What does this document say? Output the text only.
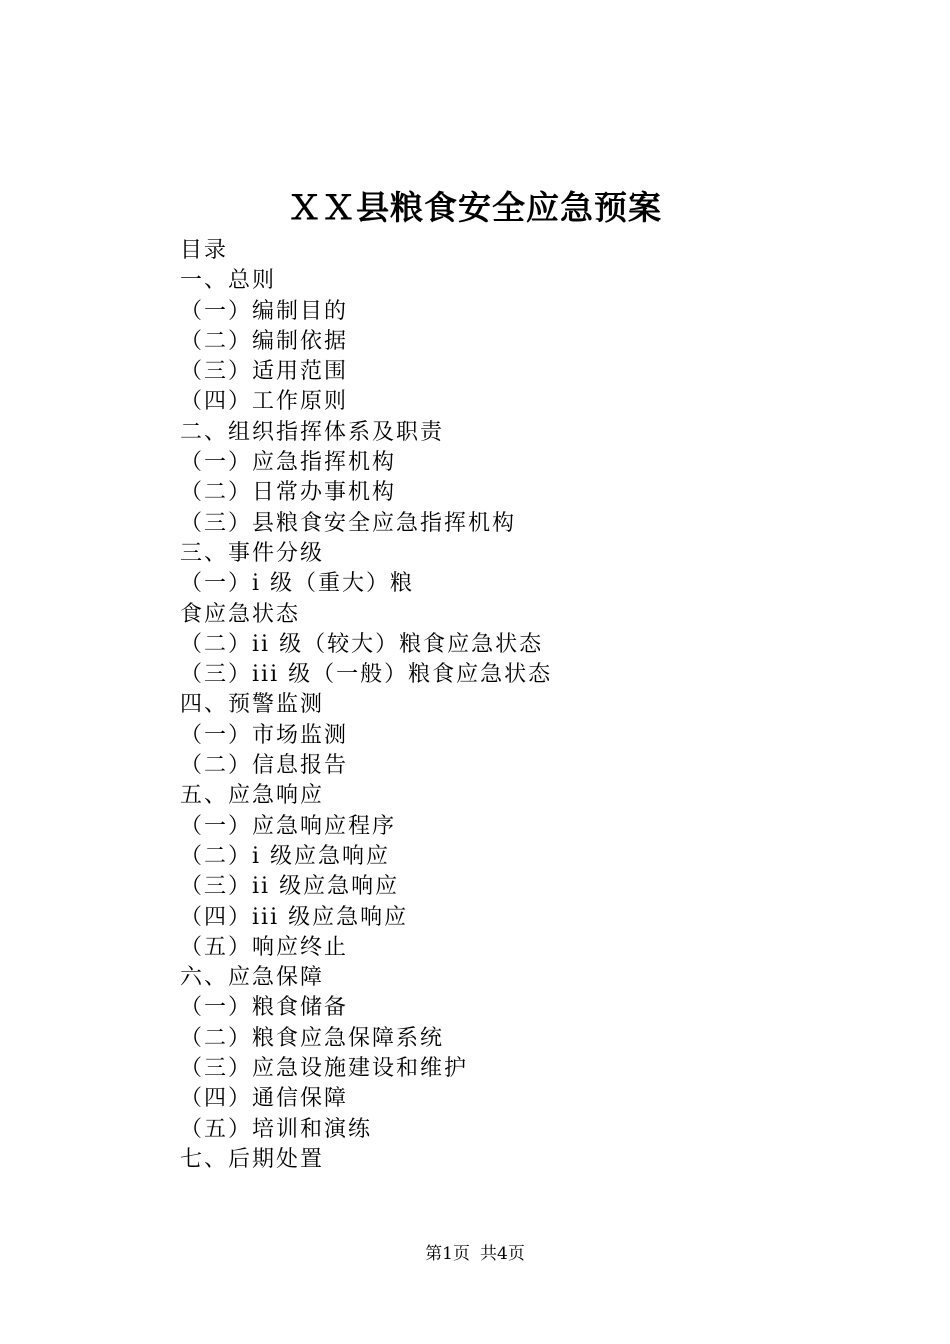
ＸＸ县粮食安全应急预案
目录
一、总则
（一）编制目的
（二）编制依据
（三）适用范围
（四）工作原则
二、组织指挥体系及职责
（一）应急指挥机构
（二）日常办事机构
（三）县粮食安全应急指挥机构
三、事件分级
（一）i 级（重大）粮
食应急状态
（二）ii 级（较大）粮食应急状态
（三）iii 级（一般）粮食应急状态
四、预警监测
（一）市场监测
（二）信息报告
五、应急响应
（一）应急响应程序
（二）i 级应急响应
（三）ii 级应急响应
（四）iii 级应急响应
（五）响应终止
六、应急保障
（一）粮食储备
（二）粮食应急保障系统
（三）应急设施建设和维护
（四）通信保障
（五）培训和演练
七、后期处置
第1页 共4页
